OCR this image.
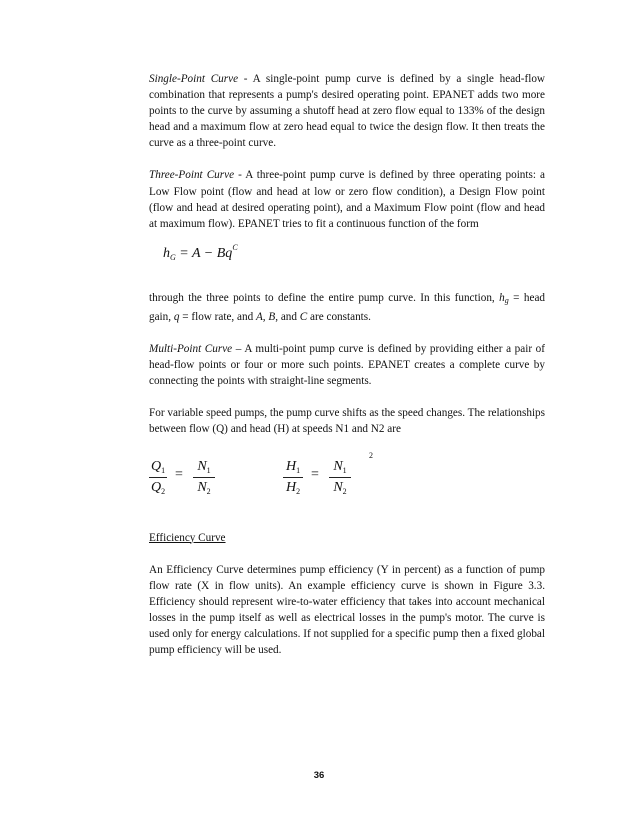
Single-Point Curve - A single-point pump curve is defined by a single head-flow combination that represents a pump's desired operating point. EPANET adds two more points to the curve by assuming a shutoff head at zero flow equal to 133% of the design head and a maximum flow at zero head equal to twice the design flow. It then treats the curve as a three-point curve.

Three-Point Curve - A three-point pump curve is defined by three operating points: a Low Flow point (flow and head at low or zero flow condition), a Design Flow point (flow and head at desired operating point), and a Maximum Flow point (flow and head at maximum flow). EPANET tries to fit a continuous function of the form

$h_G = A - Bq^C$

through the three points to define the entire pump curve. In this function, $h_g$ = head gain, q = flow rate, and A, B, and C are constants.

Multi-Point Curve – A multi-point pump curve is defined by providing either a pair of head-flow points or four or more such points. EPANET creates a complete curve by connecting the points with straight-line segments.

For variable speed pumps, the pump curve shifts as the speed changes. The relationships between flow (Q) and head (H) at speeds N1 and N2 are

$Q_1$
$Q_2$
=
$N_1$
$N_2$
$H_1$
$H_2$
=
$N_1$
$N_2$
2

Efficiency Curve

An Efficiency Curve determines pump efficiency (Y in percent) as a function of pump flow rate (X in flow units). An example efficiency curve is shown in Figure 3.3. Efficiency should represent wire-to-water efficiency that takes into account mechanical losses in the pump itself as well as electrical losses in the pump's motor. The curve is used only for energy calculations. If not supplied for a specific pump then a fixed global pump efficiency will be used.

36
